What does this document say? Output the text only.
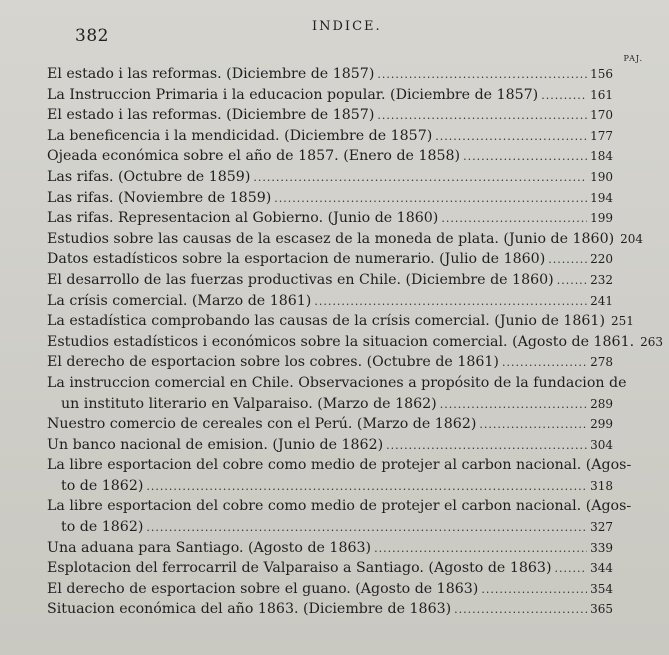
382	INDICE.
PAJ.
El estado i las reformas. (Diciembre de 1857) .....	156
La Instruccion Primaria i la educacion popular. (Diciembre de 1857) .....	161
El estado i las reformas. (Diciembre de 1857) .....	170
La beneficencia i la mendicidad. (Diciembre de 1857) .....	177
Ojeada económica sobre el año de 1857. (Enero de 1858) .....	184
Las rifas. (Octubre de 1859) .....	190
Las rifas. (Noviembre de 1859) .....	194
Las rifas. Representacion al Gobierno. (Junio de 1860) .....	199
Estudios sobre las causas de la escasez de la moneda de plata. (Junio de 1860) 204
Datos estadísticos sobre la esportacion de numerario. (Julio de 1860) .....	220
El desarrollo de las fuerzas productivas en Chile. (Diciembre de 1860) .....	232
La crísis comercial. (Marzo de 1861) .....	241
La estadística comprobando las causas de la crísis comercial. (Junio de 1861) 251
Estudios estadísticos i económicos sobre la situacion comercial. (Agosto de 1861. 263
El derecho de esportacion sobre los cobres. (Octubre de 1861) .....	278
La instruccion comercial en Chile. Observaciones a propósito de la fundacion de
un instituto literario en Valparaiso. (Marzo de 1862) .....	289
Nuestro comercio de cereales con el Perú. (Marzo de 1862) .....	299
Un banco nacional de emision. (Junio de 1862) .....	304
La libre esportacion del cobre como medio de protejer al carbon nacional. (Agos-
to de 1862) .....	318
La libre esportacion del cobre como medio de protejer el carbon nacional. (Agos-
to de 1862) .....	327
Una aduana para Santiago. (Agosto de 1863) .....	339
Esplotacion del ferrocarril de Valparaiso a Santiago. (Agosto de 1863) .....	344
El derecho de esportacion sobre el guano. (Agosto de 1863) .....	354
Situacion económica del año 1863. (Diciembre de 1863) .....	365
